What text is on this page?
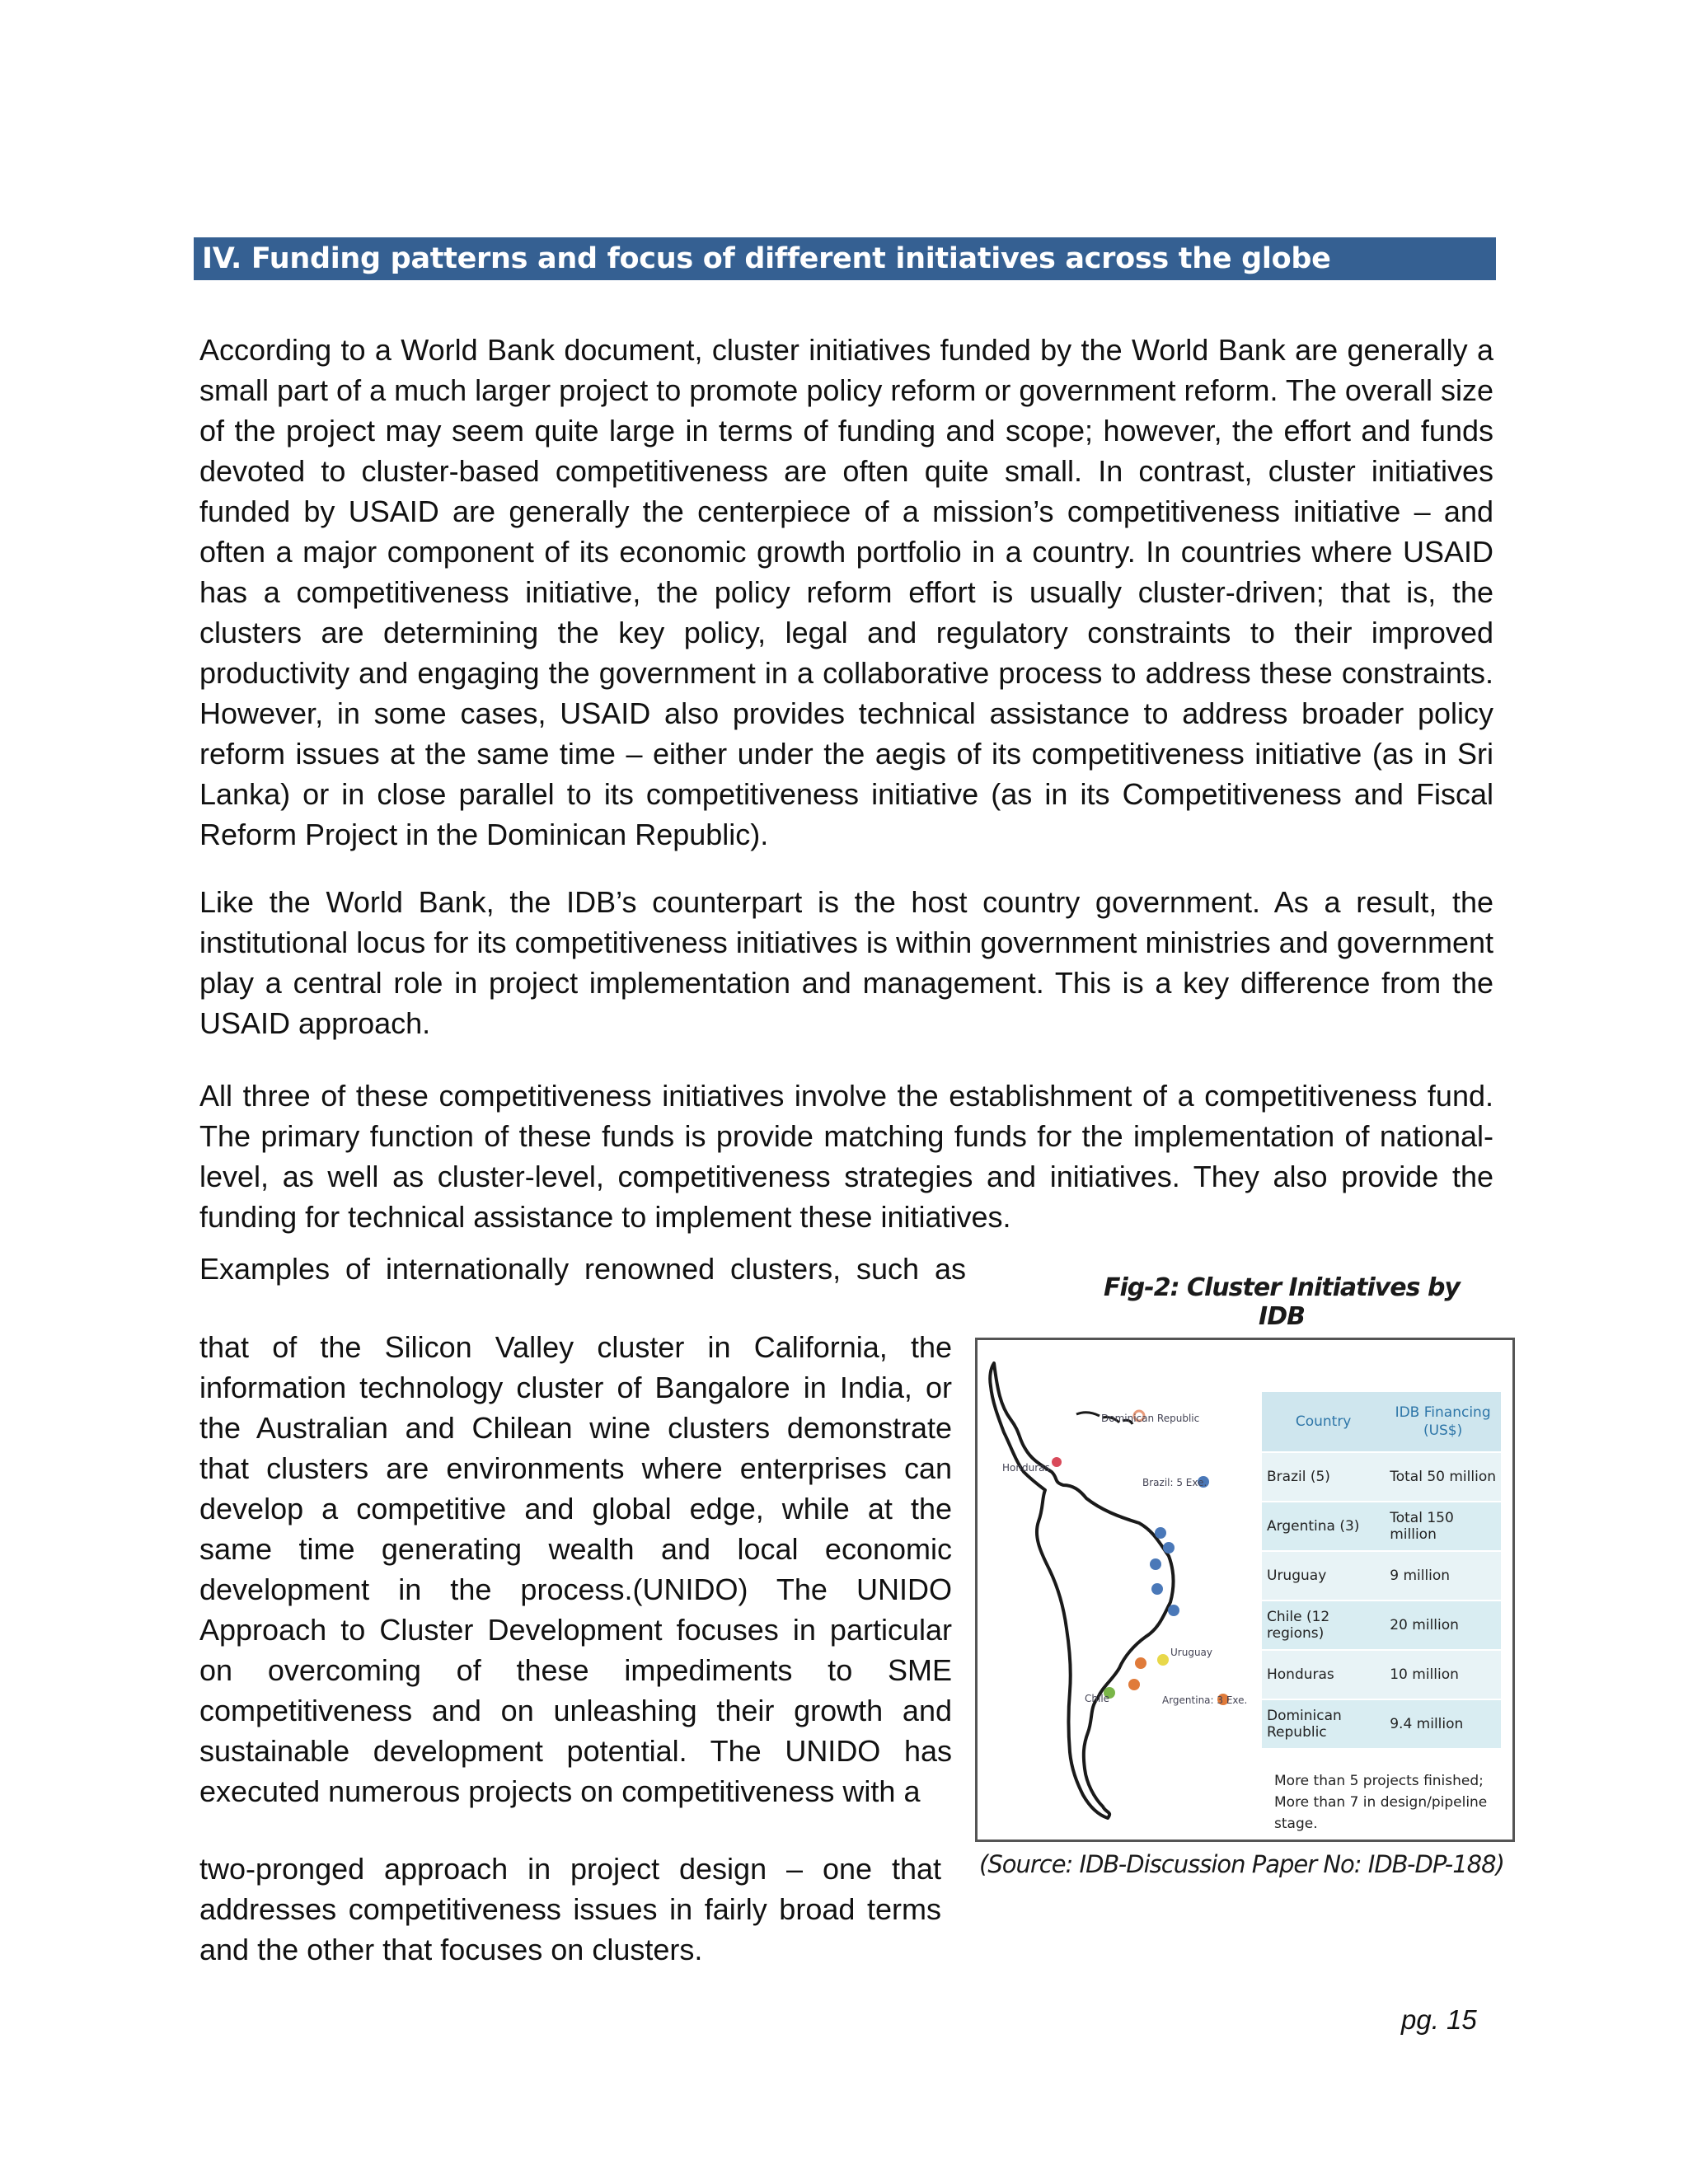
IV. Funding patterns and focus of different initiatives across the globe

According to a World Bank document, cluster initiatives funded by the World Bank are generally a small part of a much larger project to promote policy reform or government reform. The overall size of the project may seem quite large in terms of funding and scope; however, the effort and funds devoted to cluster-based competitiveness are often quite small. In contrast, cluster initiatives funded by USAID are generally the centerpiece of a mission’s competitiveness initiative – and often a major component of its economic growth portfolio in a country. In countries where USAID has a competitiveness initiative, the policy reform effort is usually cluster-driven; that is, the clusters are determining the key policy, legal and regulatory constraints to their improved productivity and engaging the government in a collaborative process to address these constraints. However, in some cases, USAID also provides technical assistance to address broader policy reform issues at the same time – either under the aegis of its competitiveness initiative (as in Sri Lanka) or in close parallel to its competitiveness initiative (as in its Competitiveness and Fiscal Reform Project in the Dominican Republic).

Like the World Bank, the IDB’s counterpart is the host country government. As a result, the institutional locus for its competitiveness initiatives is within government ministries and government play a central role in project implementation and management. This is a key difference from the USAID approach.

All three of these competitiveness initiatives involve the establishment of a competitiveness fund. The primary function of these funds is provide matching funds for the implementation of national-level, as well as cluster-level, competitiveness strategies and initiatives. They also provide the funding for technical assistance to implement these initiatives.

Examples of internationally renowned clusters, such as

that of the Silicon Valley cluster in California, the information technology cluster of Bangalore in India, or the Australian and Chilean wine clusters demonstrate that clusters are environments where enterprises can develop a competitive and global edge, while at the same time generating wealth and local economic development in the process.(UNIDO) The UNIDO Approach to Cluster Development focuses in particular on overcoming of these impediments to SME competitiveness and on unleashing their growth and sustainable development potential. The UNIDO has executed numerous projects on competitiveness with a

two-pronged approach in project design – one that addresses competitiveness issues in fairly broad terms and the other that focuses on clusters.

Fig-2: Cluster Initiatives by IDB
Dominican Republic
Honduras
Brazil: 5 Exe.
Uruguay
Chile	Argentina: 3 Exe.
Country	IDB Financing (US$)
Brazil (5)	Total 50 million
Argentina (3)	Total 150 million
Uruguay	9 million
Chile (12 regions)	20 million
Honduras	10 million
Dominican Republic	9.4 million
More than 5 projects finished;
More than 7 in design/pipeline stage.
(Source: IDB-Discussion Paper No: IDB-DP-188)
pg. 15
